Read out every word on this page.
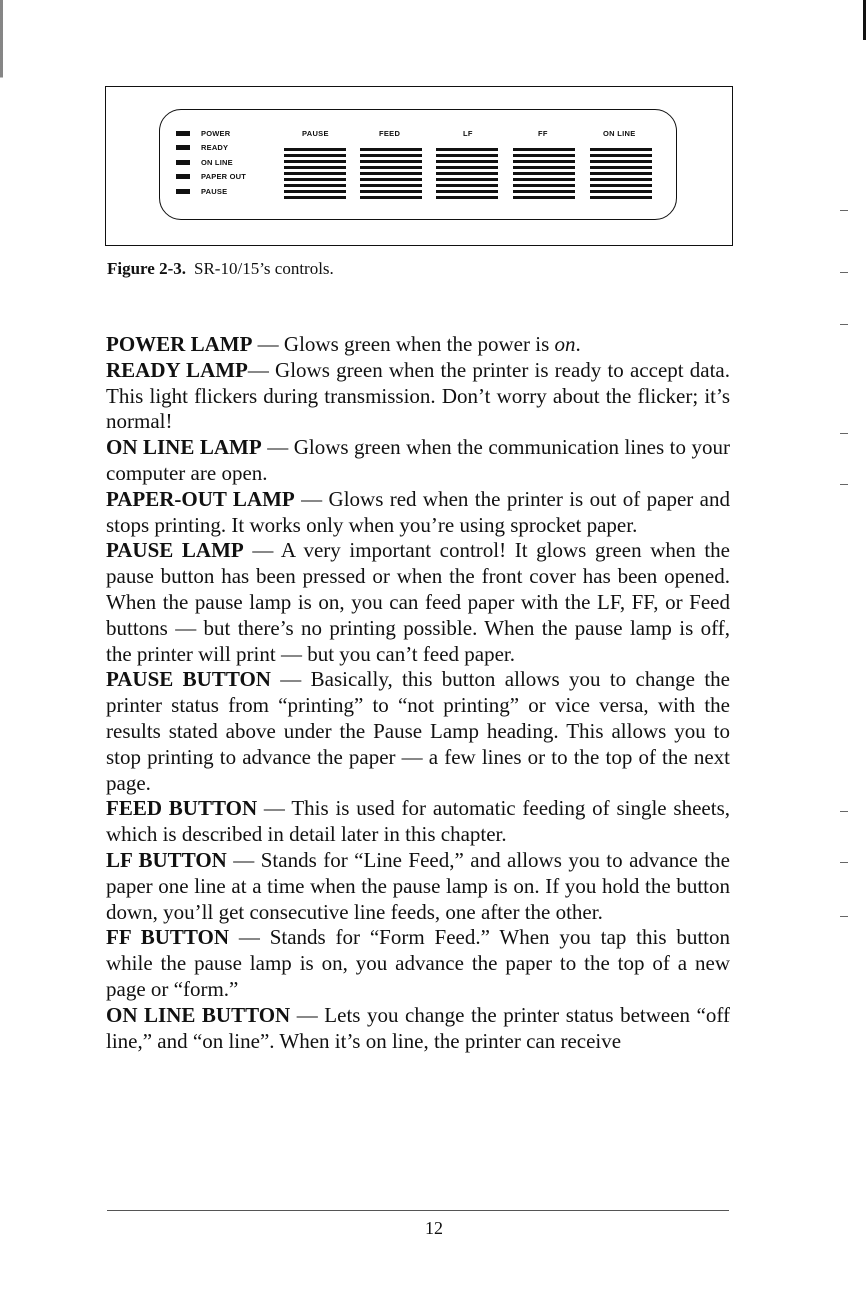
POWER
READY
ON LINE
PAPER OUT
PAUSE
PAUSE	FEED	LF	FF	ON LINE
Figure 2-3. SR-10/15’s controls.

POWER LAMP — Glows green when the power is on.

READY LAMP— Glows green when the printer is ready to accept data. This light flickers during transmission. Don’t worry about the flicker; it’s normal!

ON LINE LAMP — Glows green when the communication lines to your computer are open.

PAPER-OUT LAMP — Glows red when the printer is out of paper and stops printing. It works only when you’re using sprocket paper.

PAUSE LAMP — A very important control! It glows green when the pause button has been pressed or when the front cover has been opened. When the pause lamp is on, you can feed paper with the LF, FF, or Feed buttons — but there’s no printing possible. When the pause lamp is off, the printer will print — but you can’t feed paper.

PAUSE BUTTON — Basically, this button allows you to change the printer status from “printing” to “not printing” or vice versa, with the results stated above under the Pause Lamp heading. This allows you to stop printing to advance the paper — a few lines or to the top of the next page.

FEED BUTTON — This is used for automatic feeding of single sheets, which is described in detail later in this chapter.

LF BUTTON — Stands for “Line Feed,” and allows you to advance the paper one line at a time when the pause lamp is on. If you hold the button down, you’ll get consecutive line feeds, one after the other.

FF BUTTON — Stands for “Form Feed.” When you tap this button while the pause lamp is on, you advance the paper to the top of a new page or “form.”

ON LINE BUTTON — Lets you change the printer status between “off line,” and “on line”. When it’s on line, the printer can receive

12
